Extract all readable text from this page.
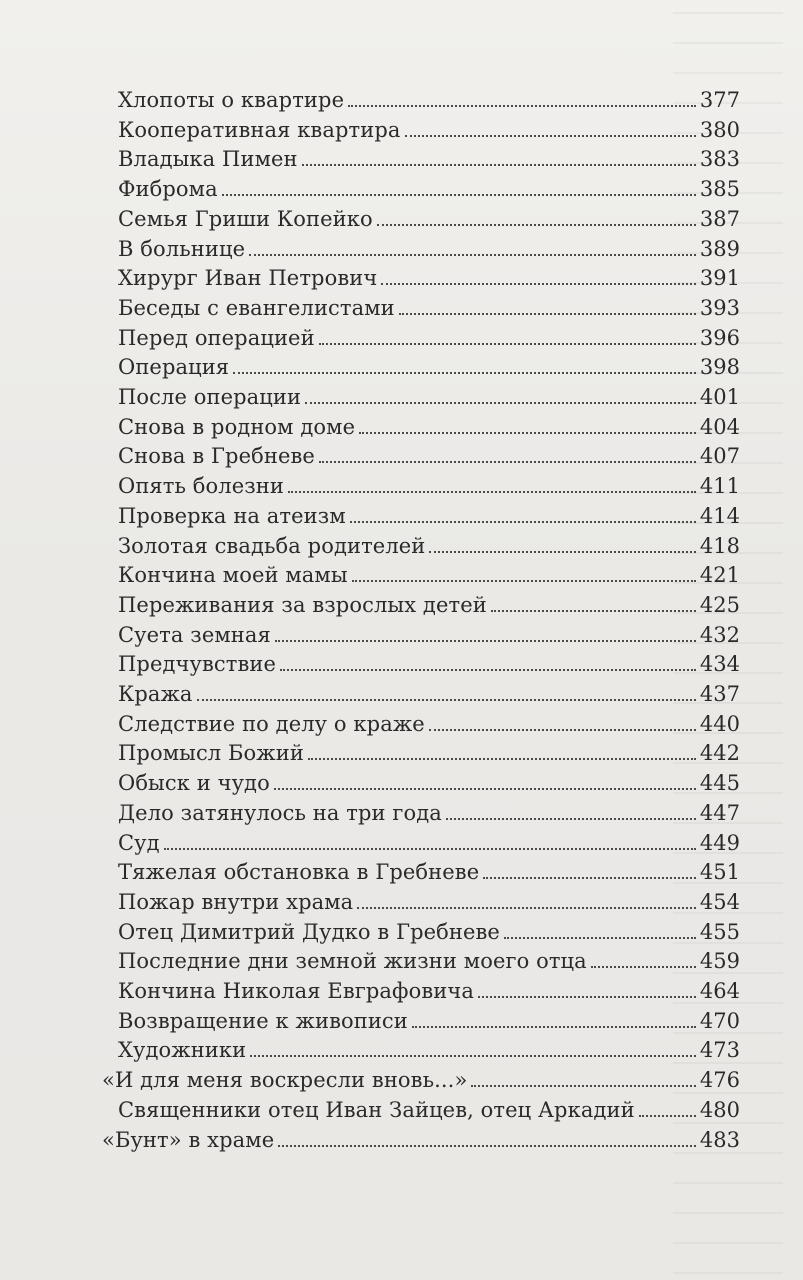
Хлопоты о квартире	377
Кооперативная квартира	380
Владыка Пимен	383
Фиброма	385
Семья Гриши Копейко	387
В больнице	389
Хирург Иван Петрович	391
Беседы с евангелистами	393
Перед операцией	396
Операция	398
После операции	401
Снова в родном доме	404
Снова в Гребневе	407
Опять болезни	411
Проверка на атеизм	414
Золотая свадьба родителей	418
Кончина моей мамы	421
Переживания за взрослых детей	425
Суета земная	432
Предчувствие	434
Кража	437
Следствие по делу о краже	440
Промысл Божий	442
Обыск и чудо	445
Дело затянулось на три года	447
Суд	449
Тяжелая обстановка в Гребневе	451
Пожар внутри храма	454
Отец Димитрий Дудко в Гребневе	455
Последние дни земной жизни моего отца	459
Кончина Николая Евграфовича	464
Возвращение к живописи	470
Художники	473
«И для меня воскресли вновь...»	476
Священники отец Иван Зайцев, отец Аркадий	480
«Бунт» в храме	483
